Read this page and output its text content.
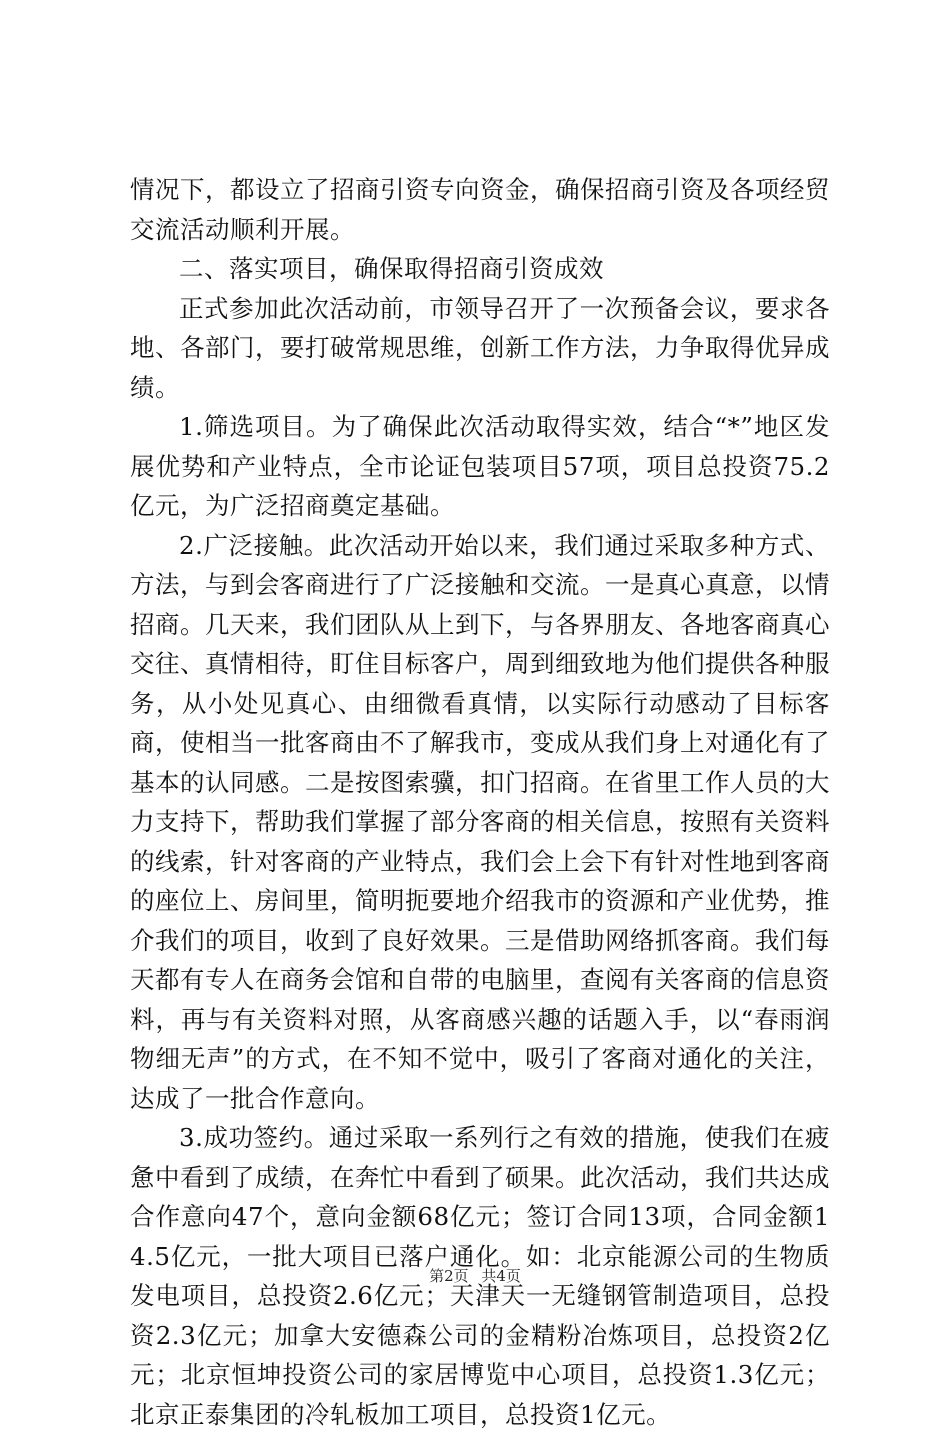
情况下，都设立了招商引资专向资金，确保招商引资及各项经贸交流活动顺利开展。

二、落实项目，确保取得招商引资成效

正式参加此次活动前，市领导召开了一次预备会议，要求各地、各部门，要打破常规思维，创新工作方法，力争取得优异成绩。

1.筛选项目。为了确保此次活动取得实效，结合“*”地区发展优势和产业特点，全市论证包装项目57项，项目总投资75.2亿元，为广泛招商奠定基础。

2.广泛接触。此次活动开始以来，我们通过采取多种方式、方法，与到会客商进行了广泛接触和交流。一是真心真意，以情招商。几天来，我们团队从上到下，与各界朋友、各地客商真心交往、真情相待，盯住目标客户，周到细致地为他们提供各种服务，从小处见真心、由细微看真情，以实际行动感动了目标客商，使相当一批客商由不了解我市，变成从我们身上对通化有了基本的认同感。二是按图索骥，扣门招商。在省里工作人员的大力支持下，帮助我们掌握了部分客商的相关信息，按照有关资料的线索，针对客商的产业特点，我们会上会下有针对性地到客商的座位上、房间里，简明扼要地介绍我市的资源和产业优势，推介我们的项目，收到了良好效果。三是借助网络抓客商。我们每天都有专人在商务会馆和自带的电脑里，查阅有关客商的信息资料，再与有关资料对照，从客商感兴趣的话题入手，以“春雨润物细无声”的方式，在不知不觉中，吸引了客商对通化的关注，达成了一批合作意向。

3.成功签约。通过采取一系列行之有效的措施，使我们在疲惫中看到了成绩，在奔忙中看到了硕果。此次活动，我们共达成合作意向47个，意向金额68亿元；签订合同13项，合同金额14.5亿元，一批大项目已落户通化。如：北京能源公司的生物质发电项目，总投资2.6亿元；天津天一无缝钢管制造项目，总投资2.3亿元；加拿大安德森公司的金精粉冶炼项目，总投资2亿元；北京恒坤投资公司的家居博览中心项目，总投资1.3亿元；北京正泰集团的冷轧板加工项目，总投资1亿元。

第2页 共4页
